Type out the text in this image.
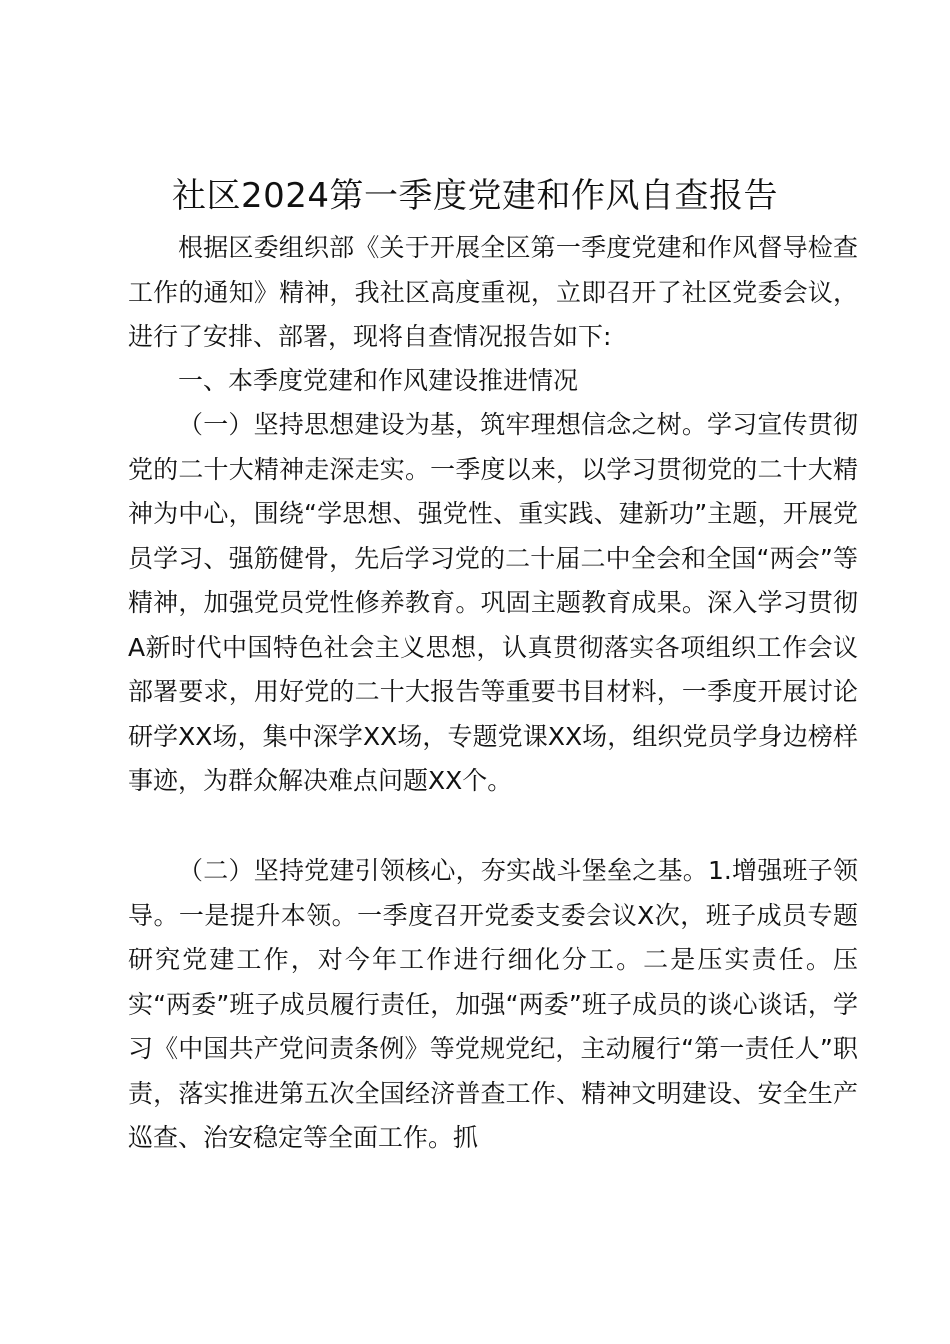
社区2024第一季度党建和作风自查报告
根据区委组织部《关于开展全区第一季度党建和作风督导检查工作的通知》精神，我社区高度重视，立即召开了社区党委会议，进行了安排、部署，现将自查情况报告如下:
一、本季度党建和作风建设推进情况
（一）坚持思想建设为基，筑牢理想信念之树。学习宣传贯彻党的二十大精神走深走实。一季度以来，以学习贯彻党的二十大精神为中心，围绕“学思想、强党性、重实践、建新功”主题，开展党员学习、强筋健骨，先后学习党的二十届二中全会和全国“两会”等精神，加强党员党性修养教育。巩固主题教育成果。深入学习贯彻A新时代中国特色社会主义思想，认真贯彻落实各项组织工作会议部署要求，用好党的二十大报告等重要书目材料，一季度开展讨论研学XX场，集中深学XX场，专题党课XX场，组织党员学身边榜样事迹，为群众解决难点问题XX个。
（二）坚持党建引领核心，夯实战斗堡垒之基。1.增强班子领导。一是提升本领。一季度召开党委支委会议X次，班子成员专题研究党建工作，对今年工作进行细化分工。二是压实责任。压实“两委”班子成员履行责任，加强“两委”班子成员的谈心谈话，学习《中国共产党问责条例》等党规党纪，主动履行“第一责任人”职责，落实推进第五次全国经济普查工作、精神文明建设、安全生产巡查、治安稳定等全面工作。抓
